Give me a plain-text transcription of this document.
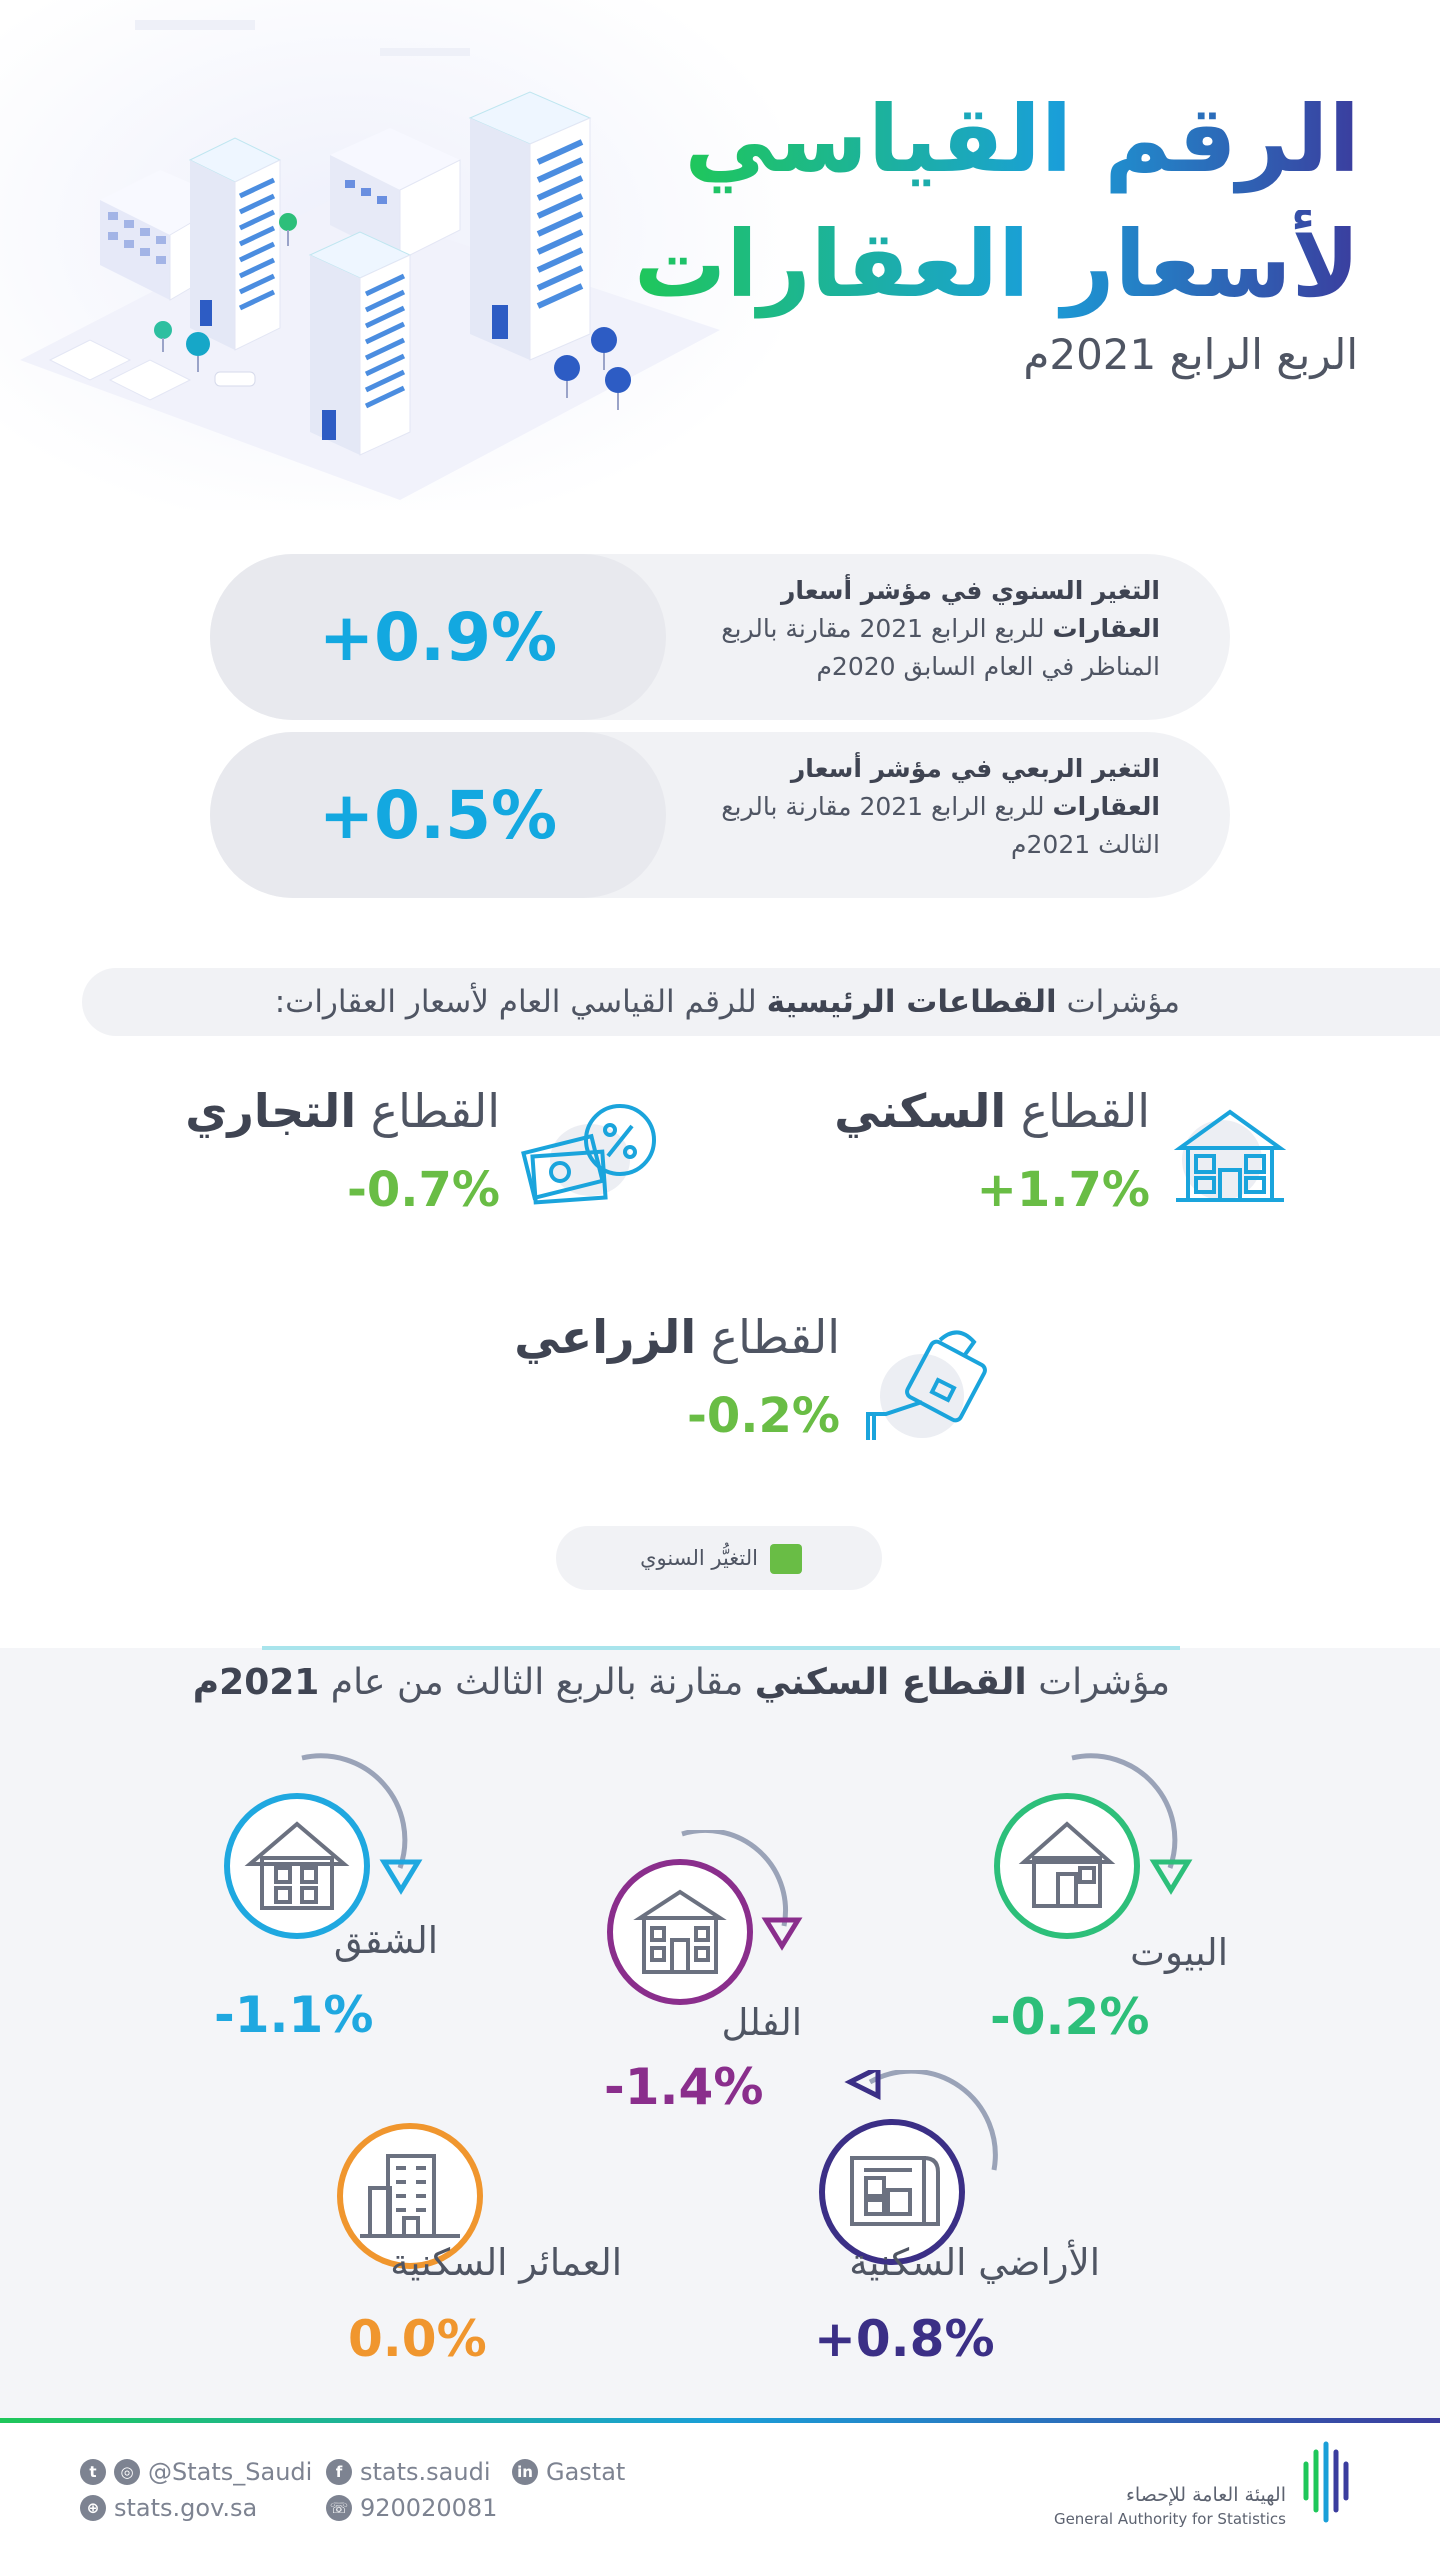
الرقم القياسي
لأسعار العقارات
الربع الرابع 2021م
+0.9%
التغير السنوي في مؤشر أسعار العقارات للربع الرابع 2021 مقارنة بالربع المناظر في العام السابق 2020م
+0.5%
التغير الربعي في مؤشر أسعار العقارات للربع الرابع 2021 مقارنة بالربع الثالث 2021م
مؤشرات القطاعات الرئيسية للرقم القياسي العام لأسعار العقارات:
القطاع السكني
+1.7%
القطاع التجاري
-0.7%
القطاع الزراعي
-0.2%
التغيُّر السنوي
مؤشرات القطاع السكني مقارنة بالربع الثالث من عام 2021م
البيوت
-0.2%
الفلل
-1.4%
الشقق
-1.1%
الأراضي السكنية
+0.8%
العمائر السكنية
0.0%
t	◎ @Stats_Saudi
⊕ stats.gov.sa
f stats.saudi
☏ 920020081
in Gastat
الهيئة العامة للإحصاء
General Authority for Statistics
